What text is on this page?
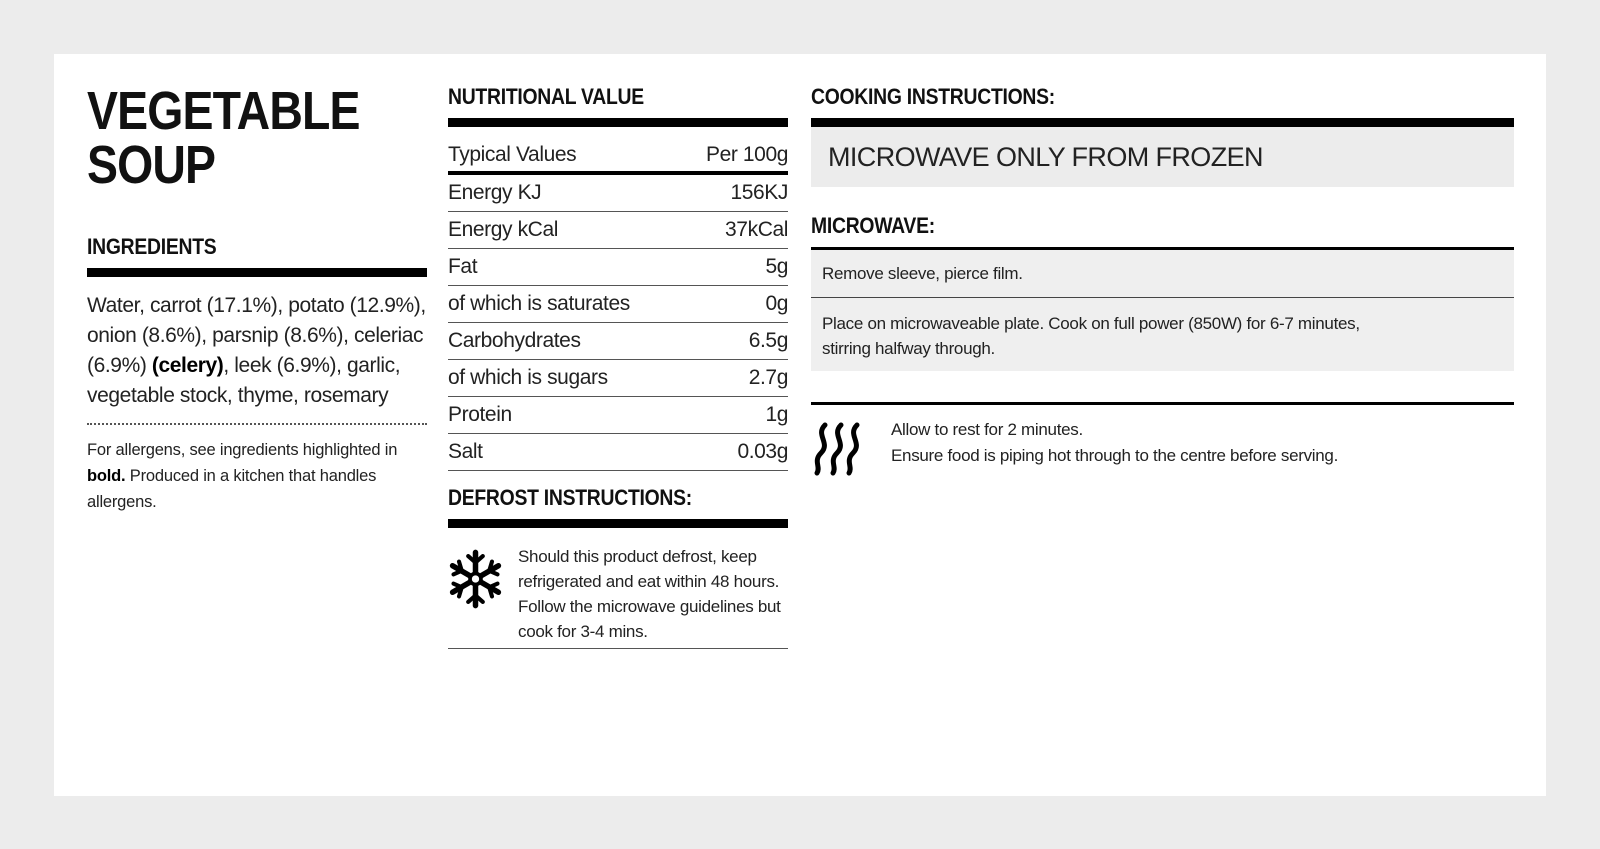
VEGETABLE
SOUP
INGREDIENTS
Water, carrot (17.1%), potato (12.9%), onion (8.6%), parsnip (8.6%), celeriac (6.9%) (celery), leek (6.9%), garlic, vegetable stock, thyme, rosemary
For allergens, see ingredients highlighted in bold. Produced in a kitchen that handles allergens.
NUTRITIONAL VALUE
Typical Values	Per 100g
Energy KJ	156KJ
Energy kCal	37kCal
Fat	5g
of which is saturates	0g
Carbohydrates	6.5g
of which is sugars	2.7g
Protein	1g
Salt	0.03g
DEFROST INSTRUCTIONS:
Should this product defrost, keep refrigerated and eat within 48 hours. Follow the microwave guidelines but cook for 3-4 mins.
COOKING INSTRUCTIONS:
MICROWAVE ONLY FROM FROZEN
MICROWAVE:
Remove sleeve, pierce film.
Place on microwaveable plate. Cook on full power (850W) for 6-7 minutes,
stirring halfway through.
Allow to rest for 2 minutes.
Ensure food is piping hot through to the centre before serving.
